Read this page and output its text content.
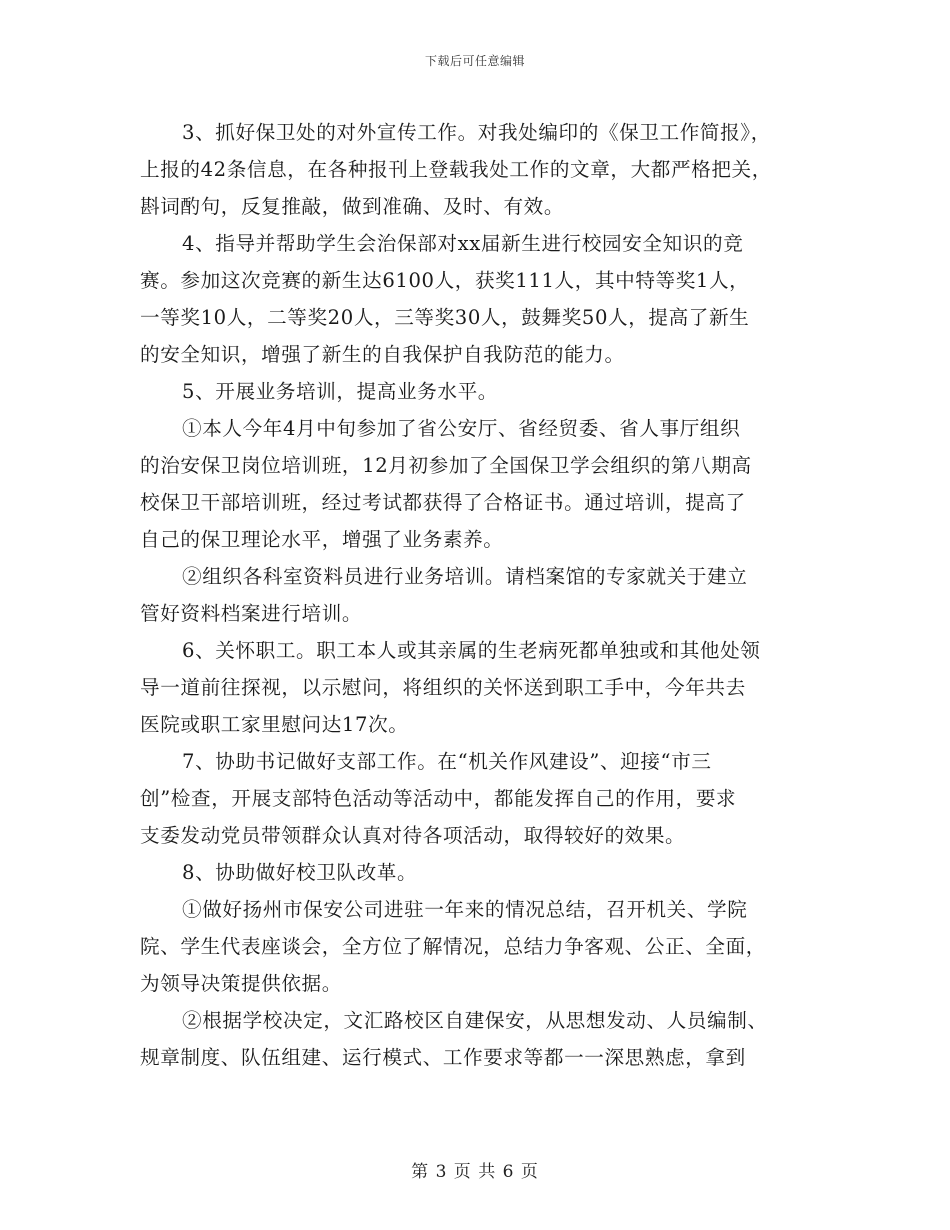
下载后可任意编辑
3、抓好保卫处的对外宣传工作。对我处编印的《保卫工作简报》，
上报的42条信息，在各种报刊上登载我处工作的文章，大都严格把关，
斟词酌句，反复推敲，做到准确、及时、有效。
4、指导并帮助学生会治保部对xx届新生进行校园安全知识的竞
赛。参加这次竞赛的新生达6100人，获奖111人，其中特等奖1人，
一等奖10人，二等奖20人，三等奖30人，鼓舞奖50人，提高了新生
的安全知识，增强了新生的自我保护自我防范的能力。
5、开展业务培训，提高业务水平。
①本人今年4月中旬参加了省公安厅、省经贸委、省人事厅组织
的治安保卫岗位培训班，12月初参加了全国保卫学会组织的第八期高
校保卫干部培训班，经过考试都获得了合格证书。通过培训，提高了
自己的保卫理论水平，增强了业务素养。
②组织各科室资料员进行业务培训。请档案馆的专家就关于建立
管好资料档案进行培训。
6、关怀职工。职工本人或其亲属的生老病死都单独或和其他处领
导一道前往探视，以示慰问，将组织的关怀送到职工手中，今年共去
医院或职工家里慰问达17次。
7、协助书记做好支部工作。在“机关作风建设”、迎接“市三
创”检查，开展支部特色活动等活动中，都能发挥自己的作用，要求
支委发动党员带领群众认真对待各项活动，取得较好的效果。
8、协助做好校卫队改革。
①做好扬州市保安公司进驻一年来的情况总结，召开机关、学院
院、学生代表座谈会，全方位了解情况，总结力争客观、公正、全面，
为领导决策提供依据。
②根据学校决定，文汇路校区自建保安，从思想发动、人员编制、
规章制度、队伍组建、运行模式、工作要求等都一一深思熟虑，拿到
第 3 页 共 6 页
